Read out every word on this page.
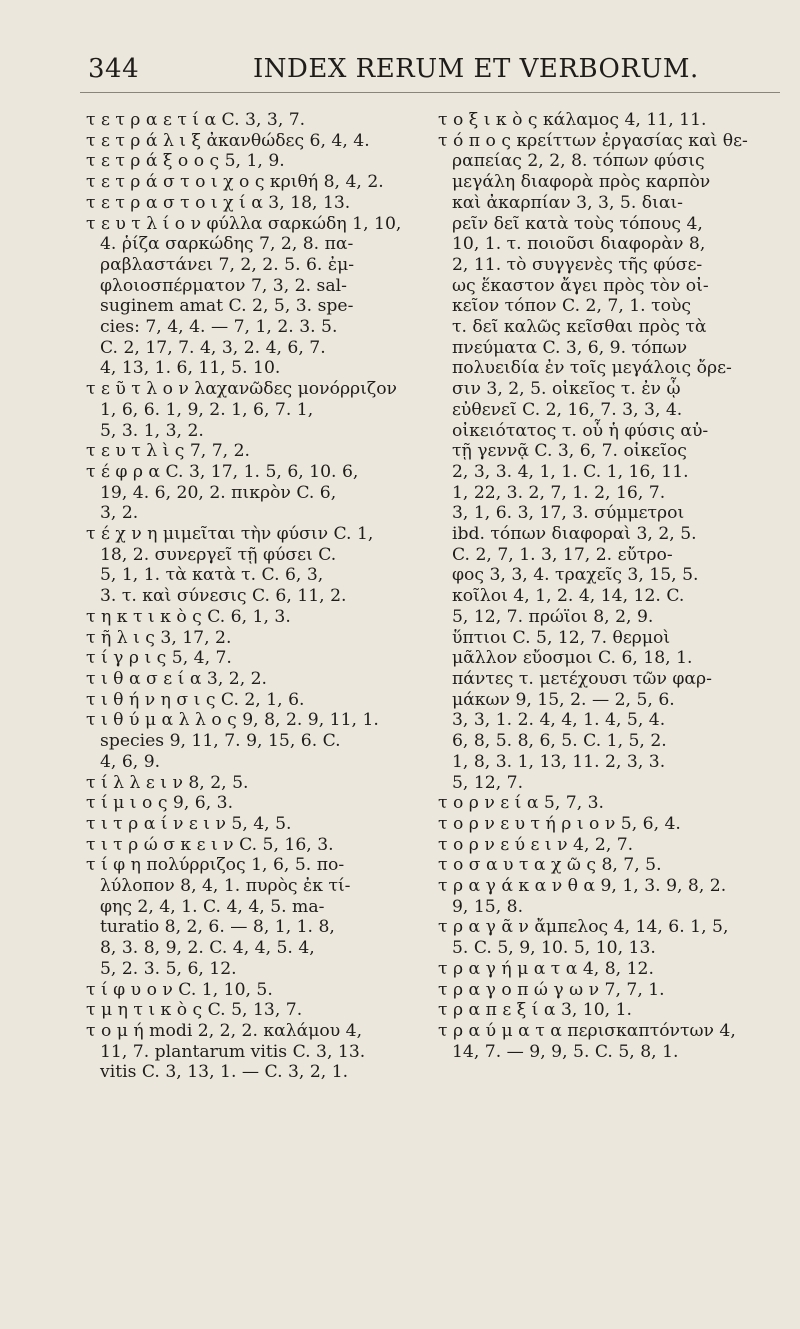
344	INDEX RERUM ET VERBORUM.
τ ε τ ρ α ε τ ί α C. 3, 3, 7.
τ ε τ ρ ά λ ι ξ ἀκανθώδες 6, 4, 4.
τ ε τ ρ ά ξ ο ο ς 5, 1, 9.
τ ε τ ρ ά σ τ ο ι χ ο ς κριθή 8, 4, 2.
τ ε τ ρ α σ τ ο ι χ ί α 3, 18, 13.
τ ε υ τ λ ί ο ν φύλλα σαρκώδη 1, 10,
4. ῥίζα σαρκώδης 7, 2, 8. πα-
ραβλαστάνει 7, 2, 2. 5. 6. ἐμ-
φλοιοσπέρματον 7, 3, 2. sal-
suginem amat C. 2, 5, 3. spe-
cies: 7, 4, 4. — 7, 1, 2. 3. 5.
C. 2, 17, 7. 4, 3, 2. 4, 6, 7.
4, 13, 1. 6, 11, 5. 10.
τ ε ῦ τ λ ο ν λαχανῶδες μονόρριζον
1, 6, 6. 1, 9, 2. 1, 6, 7. 1,
5, 3. 1, 3, 2.
τ ε υ τ λ ὶ ς 7, 7, 2.
τ έ φ ρ α C. 3, 17, 1. 5, 6, 10. 6,
19, 4. 6, 20, 2. πικρὸν C. 6,
3, 2.
τ έ χ ν η μιμεῖται τὴν φύσιν C. 1,
18, 2. συνεργεῖ τῇ φύσει C.
5, 1, 1. τὰ κατὰ τ. C. 6, 3,
3. τ. καὶ σύνεσις C. 6, 11, 2.
τ η κ τ ι κ ὸ ς C. 6, 1, 3.
τ ῆ λ ι ς 3, 17, 2.
τ ί γ ρ ι ς 5, 4, 7.
τ ι θ α σ ε ί α 3, 2, 2.
τ ι θ ή ν η σ ι ς C. 2, 1, 6.
τ ι θ ύ μ α λ λ ο ς 9, 8, 2. 9, 11, 1.
species 9, 11, 7. 9, 15, 6. C.
4, 6, 9.
τ ί λ λ ε ι ν 8, 2, 5.
τ ί μ ι ο ς 9, 6, 3.
τ ι τ ρ α ί ν ε ι ν 5, 4, 5.
τ ι τ ρ ώ σ κ ε ι ν C. 5, 16, 3.
τ ί φ η πολύρριζος 1, 6, 5. πο-
λύλοπον 8, 4, 1. πυρὸς ἐκ τί-
φης 2, 4, 1. C. 4, 4, 5. ma-
turatio 8, 2, 6. — 8, 1, 1. 8,
8, 3. 8, 9, 2. C. 4, 4, 5. 4,
5, 2. 3. 5, 6, 12.
τ ί φ υ ο ν C. 1, 10, 5.
τ μ η τ ι κ ὸ ς C. 5, 13, 7.
τ ο μ ή modi 2, 2, 2. καλάμου 4,
11, 7. plantarum vitis C. 3, 13.
vitis C. 3, 13, 1. — C. 3, 2, 1.
τ ο ξ ι κ ὸ ς κάλαμος 4, 11, 11.
τ ό π ο ς κρείττων ἐργασίας καὶ θε-
ραπείας 2, 2, 8. τόπων φύσις
μεγάλη διαφορὰ πρὸς καρπὸν
καὶ ἀκαρπίαν 3, 3, 5. διαι-
ρεῖν δεῖ κατὰ τοὺς τόπους 4,
10, 1. τ. ποιοῦσι διαφορὰν 8,
2, 11. τὸ συγγενὲς τῆς φύσε-
ως ἕκαστον ἄγει πρὸς τὸν οἰ-
κεῖον τόπον C. 2, 7, 1. τοὺς
τ. δεῖ καλῶς κεῖσθαι πρὸς τὰ
πνεύματα C. 3, 6, 9. τόπων
πολυειδία ἐν τοῖς μεγάλοις ὄρε-
σιν 3, 2, 5. οἰκεῖος τ. ἐν ᾧ
εὐθενεῖ C. 2, 16, 7. 3, 3, 4.
οἰκειότατος τ. οὗ ἡ φύσις αὐ-
τῇ γεννᾷ C. 3, 6, 7. οἰκεῖος
2, 3, 3. 4, 1, 1. C. 1, 16, 11.
1, 22, 3. 2, 7, 1. 2, 16, 7.
3, 1, 6. 3, 17, 3. σύμμετροι
ibd. τόπων διαφοραὶ 3, 2, 5.
C. 2, 7, 1. 3, 17, 2. εὔτρο-
φος 3, 3, 4. τραχεῖς 3, 15, 5.
κοῖλοι 4, 1, 2. 4, 14, 12. C.
5, 12, 7. πρώϊοι 8, 2, 9.
ὕπτιοι C. 5, 12, 7. θερμοὶ
μᾶλλον εὔοσμοι C. 6, 18, 1.
πάντες τ. μετέχουσι τῶν φαρ-
μάκων 9, 15, 2. — 2, 5, 6.
3, 3, 1. 2. 4, 4, 1. 4, 5, 4.
6, 8, 5. 8, 6, 5. C. 1, 5, 2.
1, 8, 3. 1, 13, 11. 2, 3, 3.
5, 12, 7.
τ ο ρ ν ε ί α 5, 7, 3.
τ ο ρ ν ε υ τ ή ρ ι ο ν 5, 6, 4.
τ ο ρ ν ε ύ ε ι ν 4, 2, 7.
τ ο σ α υ τ α χ ῶ ς 8, 7, 5.
τ ρ α γ ά κ α ν θ α 9, 1, 3. 9, 8, 2.
9, 15, 8.
τ ρ α γ ᾶ ν ἄμπελος 4, 14, 6. 1, 5,
5. C. 5, 9, 10. 5, 10, 13.
τ ρ α γ ή μ α τ α 4, 8, 12.
τ ρ α γ ο π ώ γ ω ν 7, 7, 1.
τ ρ α π ε ξ ί α 3, 10, 1.
τ ρ α ύ μ α τ α περισκαπτόντων 4,
14, 7. — 9, 9, 5. C. 5, 8, 1.
